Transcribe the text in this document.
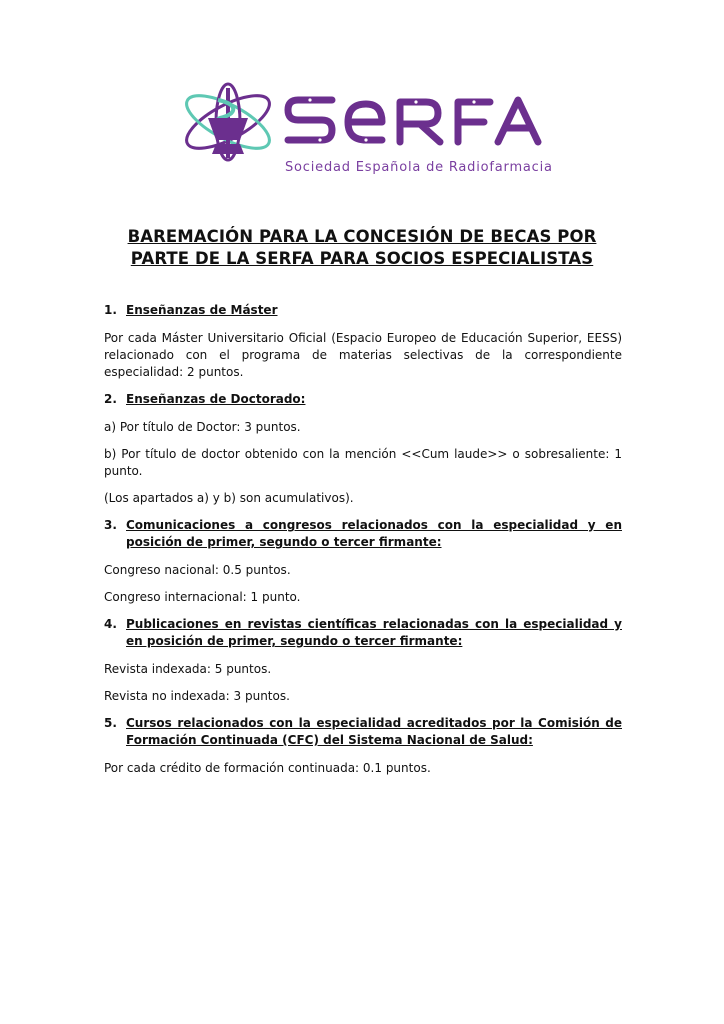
Sociedad Española de Radiofarmacia
BAREMACIÓN PARA LA CONCESIÓN DE BECAS POR
PARTE DE LA SERFA PARA SOCIOS ESPECIALISTAS
1. Enseñanzas de Máster
Por cada Máster Universitario Oficial (Espacio Europeo de Educación Superior, EESS) relacionado con el programa de materias selectivas de la correspondiente especialidad: 2 puntos.
2. Enseñanzas de Doctorado:
a) Por título de Doctor: 3 puntos.
b) Por título de doctor obtenido con la mención <<Cum laude>> o sobresaliente: 1 punto.
(Los apartados a) y b) son acumulativos).
3. Comunicaciones a congresos relacionados con la especialidad y en posición de primer, segundo o tercer firmante:
Congreso nacional: 0.5 puntos.
Congreso internacional: 1 punto.
4. Publicaciones en revistas científicas relacionadas con la especialidad y en posición de primer, segundo o tercer firmante:
Revista indexada: 5 puntos.
Revista no indexada: 3 puntos.
5. Cursos relacionados con la especialidad acreditados por la Comisión de Formación Continuada (CFC) del Sistema Nacional de Salud:
Por cada crédito de formación continuada: 0.1 puntos.
